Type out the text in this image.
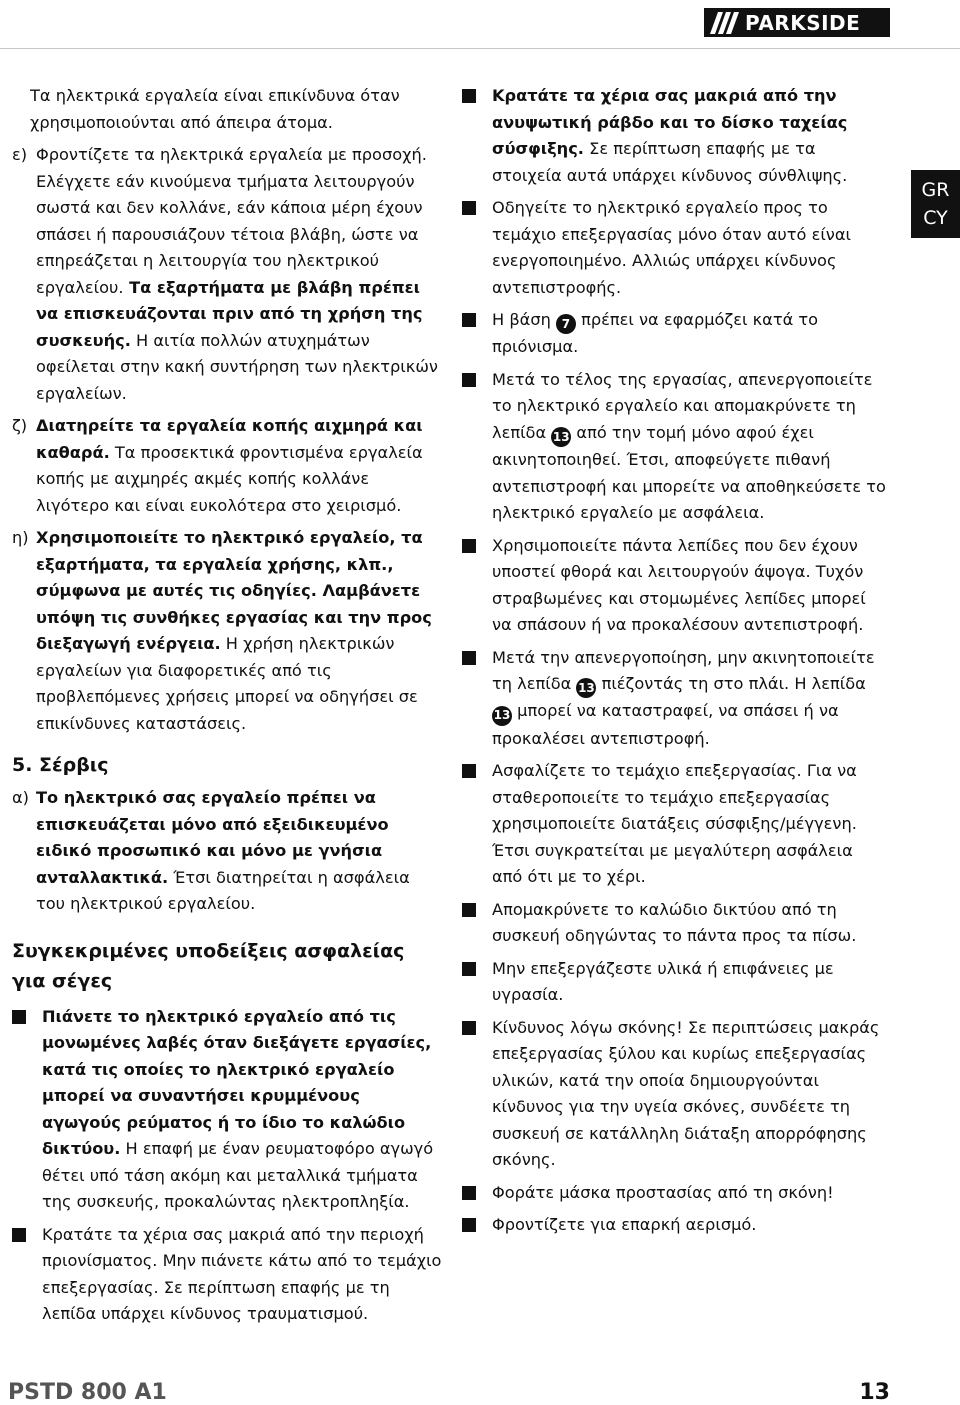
PARKSIDE
GR
CY

Τα ηλεκτρικά εργαλεία είναι επικίνδυνα όταν χρησιμοποιούνται από άπειρα άτομα.

ε) Φροντίζετε τα ηλεκτρικά εργαλεία με προσοχή. Ελέγχετε εάν κινούμενα τμήματα λειτουργούν σωστά και δεν κολλάνε, εάν κάποια μέρη έχουν σπάσει ή παρουσιάζουν τέτοια βλάβη, ώστε να επηρεάζεται η λειτουργία του ηλεκτρικού εργαλείου. Τα εξαρτήματα με βλάβη πρέπει να επισκευάζονται πριν από τη χρήση της συσκευής. Η αιτία πολλών ατυχημάτων οφείλεται στην κακή συντήρηση των ηλεκτρικών εργαλείων.
ζ) Διατηρείτε τα εργαλεία κοπής αιχμηρά και καθαρά. Τα προσεκτικά φροντισμένα εργαλεία κοπής με αιχμηρές ακμές κοπής κολλάνε λιγότερο και είναι ευκολότερα στο χειρισμό.
η) Χρησιμοποιείτε το ηλεκτρικό εργαλείο, τα εξαρτήματα, τα εργαλεία χρήσης, κλπ., σύμφωνα με αυτές τις οδηγίες. Λαμβάνετε υπόψη τις συνθήκες εργασίας και την προς διεξαγωγή ενέργεια. Η χρήση ηλεκτρικών εργαλείων για διαφορετικές από τις προβλεπόμενες χρήσεις μπορεί να οδηγήσει σε επικίνδυνες καταστάσεις.
5. Σέρβις
α) Το ηλεκτρικό σας εργαλείο πρέπει να επισκευάζεται μόνο από εξειδικευμένο ειδικό προσωπικό και μόνο με γνήσια ανταλλακτικά. Έτσι διατηρείται η ασφάλεια του ηλεκτρικού εργαλείου.
Συγκεκριμένες υποδείξεις ασφαλείας για σέγες
Πιάνετε το ηλεκτρικό εργαλείο από τις μονωμένες λαβές όταν διεξάγετε εργασίες, κατά τις οποίες το ηλεκτρικό εργαλείο μπορεί να συναντήσει κρυμμένους αγωγούς ρεύματος ή το ίδιο το καλώδιο δικτύου. Η επαφή με έναν ρευματοφόρο αγωγό θέτει υπό τάση ακόμη και μεταλλικά τμήματα της συσκευής, προκαλώντας ηλεκτροπληξία.
Κρατάτε τα χέρια σας μακριά από την περιοχή πριονίσματος. Μην πιάνετε κάτω από το τεμάχιο επεξεργασίας. Σε περίπτωση επαφής με τη λεπίδα υπάρχει κίνδυνος τραυματισμού.
Κρατάτε τα χέρια σας μακριά από την ανυψωτική ράβδο και το δίσκο ταχείας σύσφιξης. Σε περίπτωση επαφής με τα στοιχεία αυτά υπάρχει κίνδυνος σύνθλιψης.
Οδηγείτε το ηλεκτρικό εργαλείο προς το τεμάχιο επεξεργασίας μόνο όταν αυτό είναι ενεργοποιημένο. Αλλιώς υπάρχει κίνδυνος αντεπιστροφής.
Η βάση 7 πρέπει να εφαρμόζει κατά το πριόνισμα.
Μετά το τέλος της εργασίας, απενεργοποιείτε το ηλεκτρικό εργαλείο και απομακρύνετε τη λεπίδα 13 από την τομή μόνο αφού έχει ακινητοποιηθεί. Έτσι, αποφεύγετε πιθανή αντεπιστροφή και μπορείτε να αποθηκεύσετε το ηλεκτρικό εργαλείο με ασφάλεια.
Χρησιμοποιείτε πάντα λεπίδες που δεν έχουν υποστεί φθορά και λειτουργούν άψογα. Τυχόν στραβωμένες και στομωμένες λεπίδες μπορεί να σπάσουν ή να προκαλέσουν αντεπιστροφή.
Μετά την απενεργοποίηση, μην ακινητοποιείτε τη λεπίδα 13 πιέζοντάς τη στο πλάι. Η λεπίδα 13 μπορεί να καταστραφεί, να σπάσει ή να προκαλέσει αντεπιστροφή.
Ασφαλίζετε το τεμάχιο επεξεργασίας. Για να σταθεροποιείτε το τεμάχιο επεξεργασίας χρησιμοποιείτε διατάξεις σύσφιξης/μέγγενη. Έτσι συγκρατείται με μεγαλύτερη ασφάλεια από ότι με το χέρι.
Απομακρύνετε το καλώδιο δικτύου από τη συσκευή οδηγώντας το πάντα προς τα πίσω.
Μην επεξεργάζεστε υλικά ή επιφάνειες με υγρασία.
Κίνδυνος λόγω σκόνης! Σε περιπτώσεις μακράς επεξεργασίας ξύλου και κυρίως επεξεργασίας υλικών, κατά την οποία δημιουργούνται κίνδυνος για την υγεία σκόνες, συνδέετε τη συσκευή σε κατάλληλη διάταξη απορρόφησης σκόνης.
Φοράτε μάσκα προστασίας από τη σκόνη!
Φροντίζετε για επαρκή αερισμό.
PSTD 800 A1	13
